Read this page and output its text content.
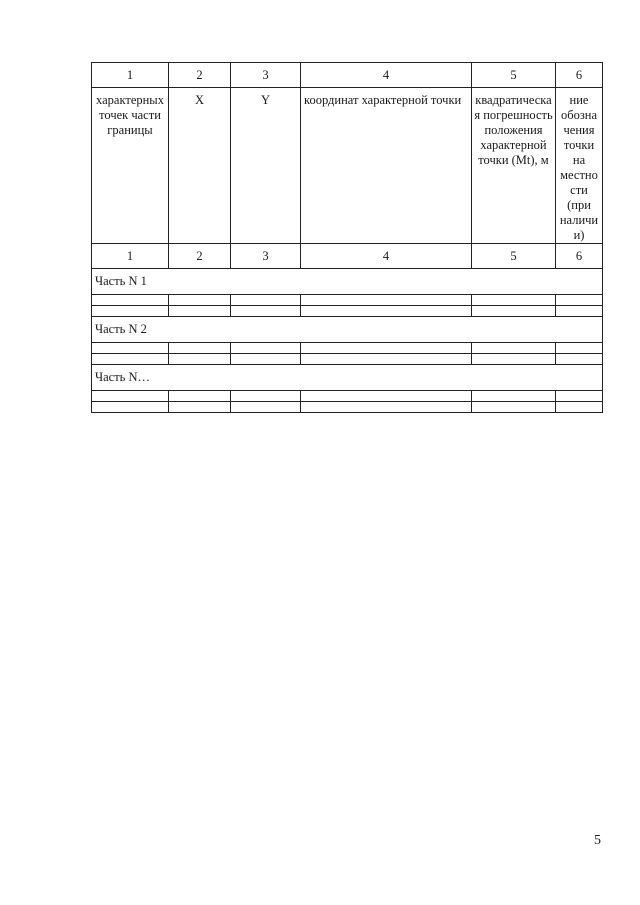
1	2	3	4	5	6
характерных точек части границы	X	Y	координат характерной точки	квадратическа я погрешность положения характерной точки (Mt), м	ние обозна чения точки на местно сти (при наличи и)
1	2	3	4	5	6
Часть N 1					

Часть N 2					

Часть N…					

5
